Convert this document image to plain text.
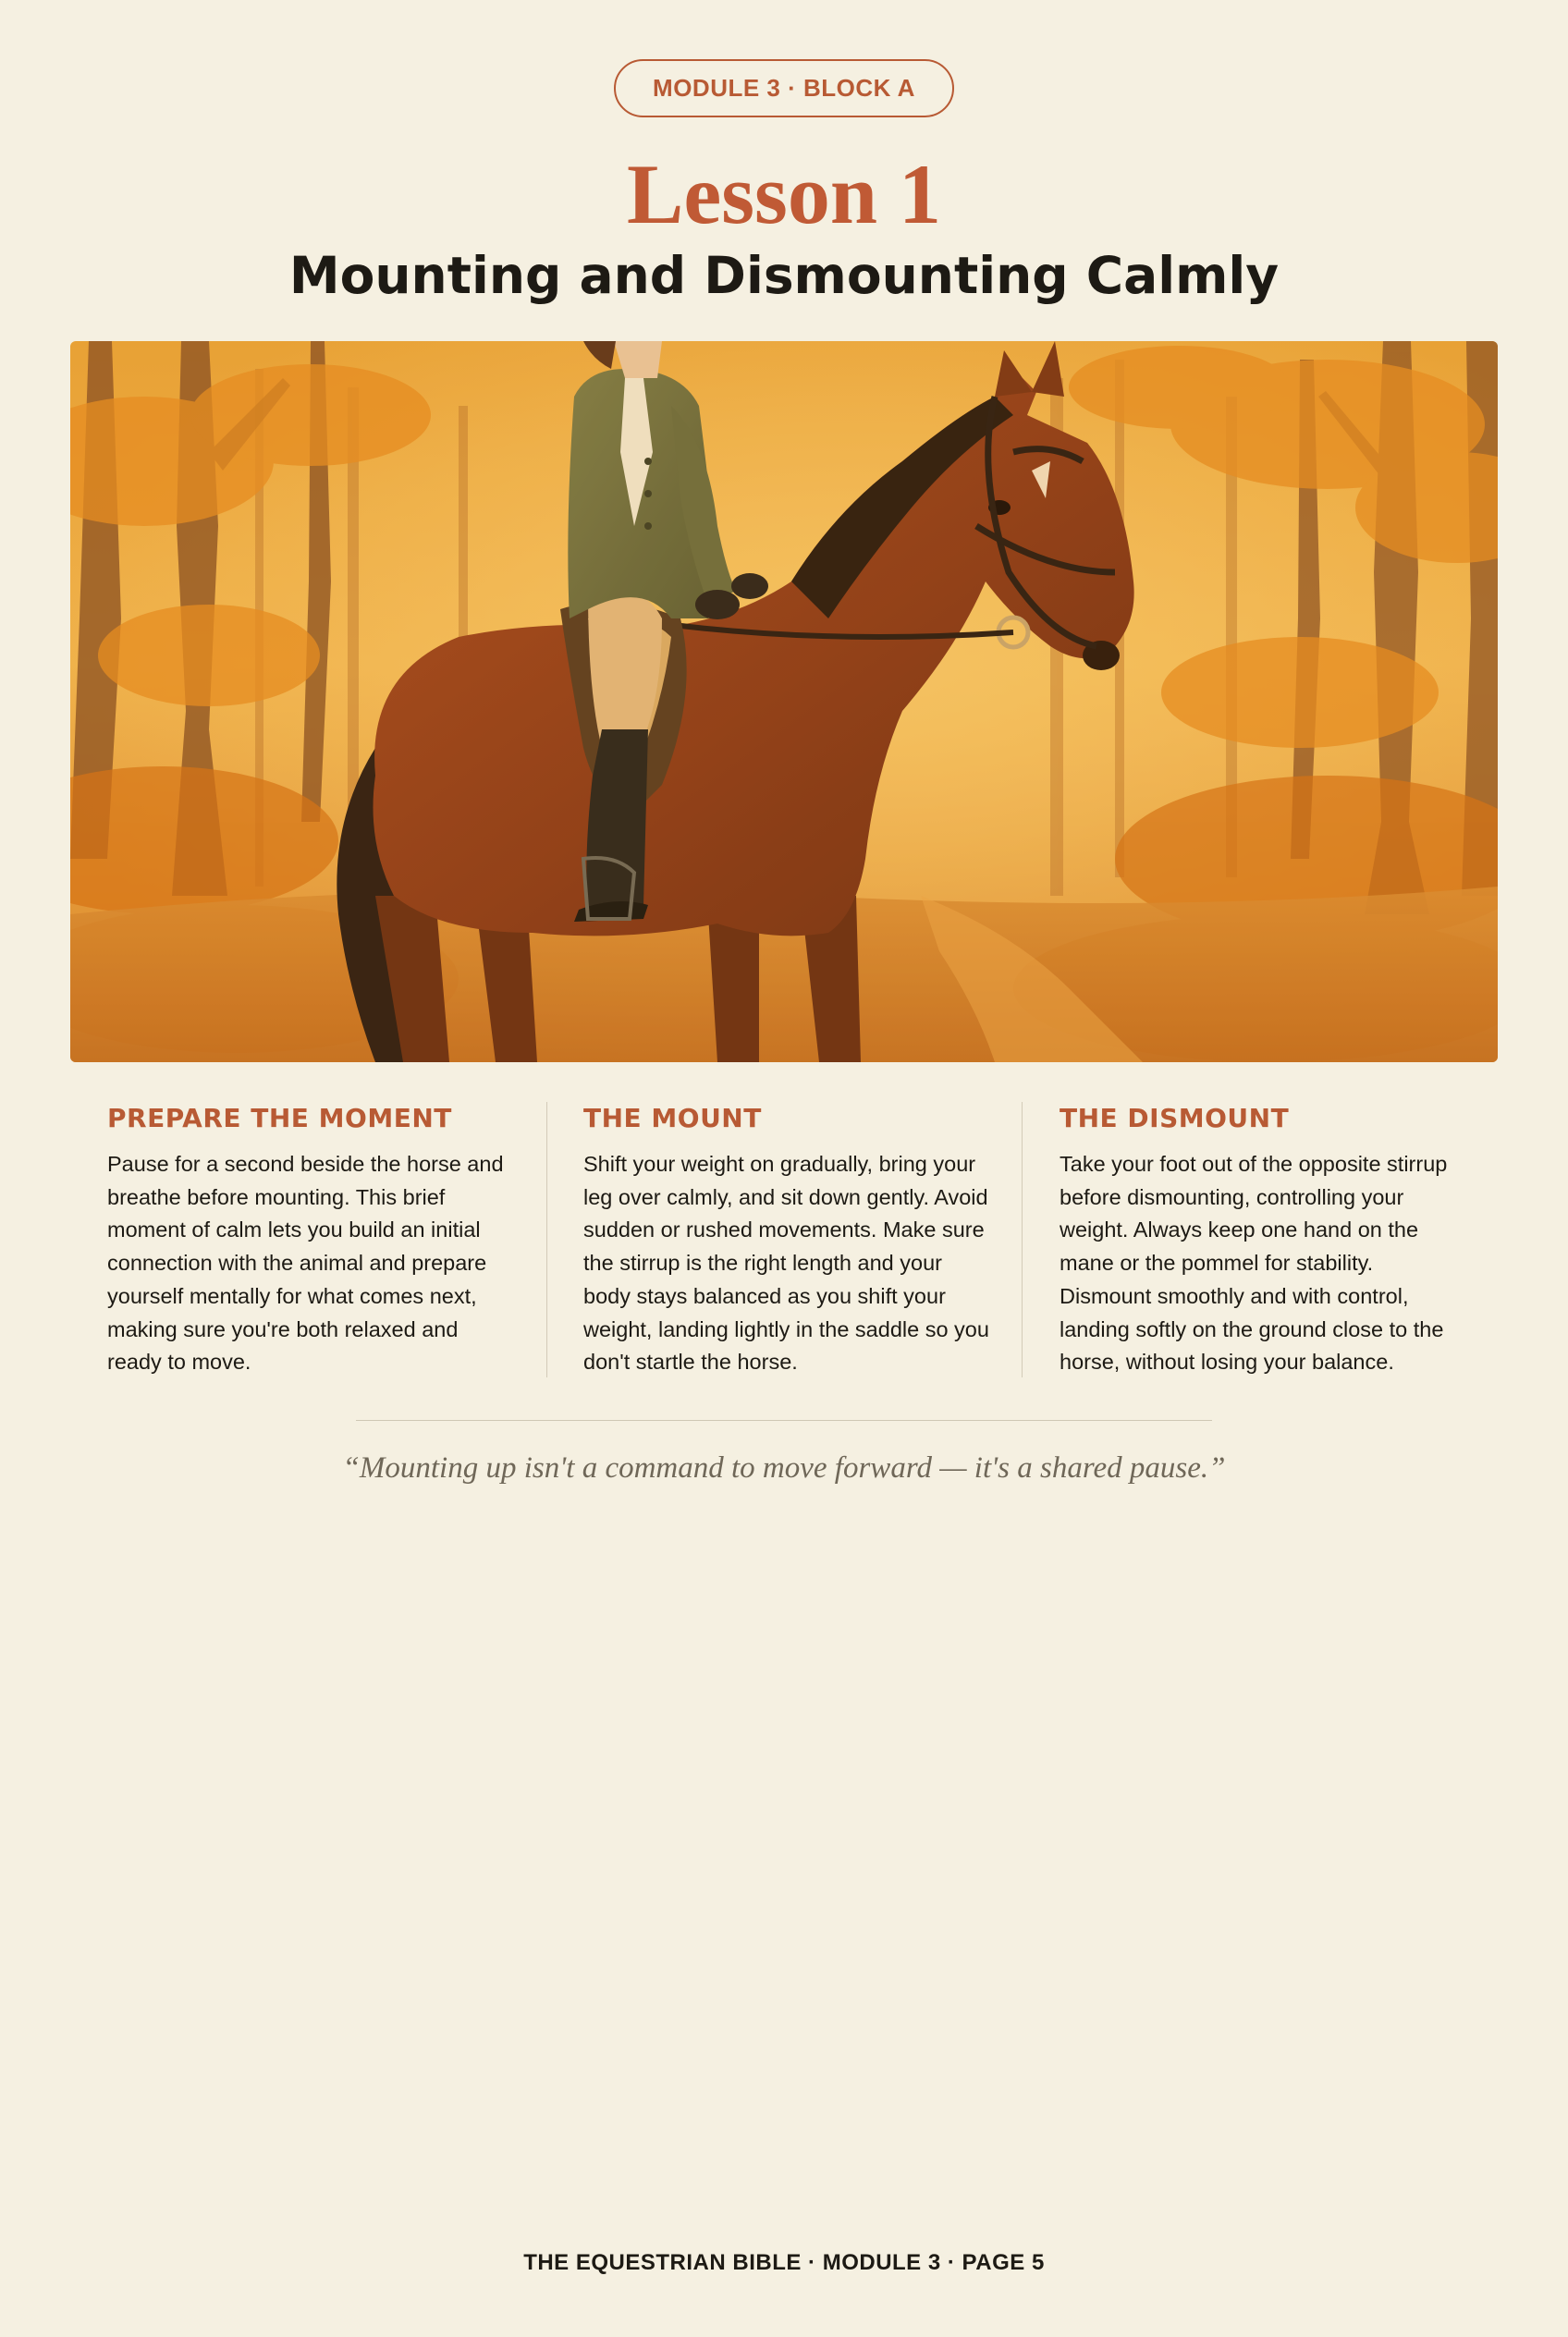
MODULE 3 · BLOCK A
Lesson 1
Mounting and Dismounting Calmly
PREPARE THE MOMENT

Pause for a second beside the horse and breathe before mounting. This brief moment of calm lets you build an initial connection with the animal and prepare yourself mentally for what comes next, making sure you're both relaxed and ready to move.

THE MOUNT

Shift your weight on gradually, bring your leg over calmly, and sit down gently. Avoid sudden or rushed movements. Make sure the stirrup is the right length and your body stays balanced as you shift your weight, landing lightly in the saddle so you don't startle the horse.

THE DISMOUNT

Take your foot out of the opposite stirrup before dismounting, controlling your weight. Always keep one hand on the mane or the pommel for stability. Dismount smoothly and with control, landing softly on the ground close to the horse, without losing your balance.

“Mounting up isn't a command to move forward — it's a shared pause.”
THE EQUESTRIAN BIBLE · MODULE 3 · PAGE 5
